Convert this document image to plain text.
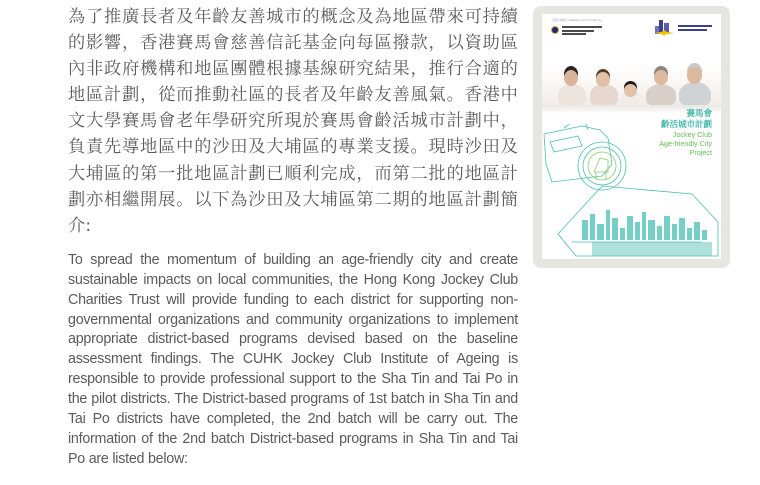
為了推廣長者及年齡友善城市的概念及為地區帶來可持續的影響，香港賽馬會慈善信託基金向每區撥款，以資助區內非政府機構和地區團體根據基線研究結果，推行合適的地區計劃，從而推動社區的長者及年齡友善風氣。香港中文大學賽馬會老年學研究所現於賽馬會齡活城市計劃中，負責先導地區中的沙田及大埔區的專業支援。現時沙田及大埔區的第一批地區計劃已順利完成，而第二批的地區計劃亦相繼開展。以下為沙田及大埔區第二期的地區計劃簡介:

To spread the momentum of building an age-friendly city and create sustainable impacts on local communities, the Hong Kong Jockey Club Charities Trust will provide funding to each district for supporting non-governmental organizations and community organizations to implement appropriate district-based programs devised based on the baseline assessment findings. The CUHK Jockey Club Institute of Ageing is responsible to provide professional support to the Sha Tin and Tai Po in the pilot districts. The District-based programs of 1st batch in Sha Tin and Tai Po districts have completed, the 2nd batch will be carry out. The information of the 2nd batch District-based programs in Sha Tin and Tai Po are listed below:

主催及捐助 Initiated and funded by
賽馬會
齡活城市計劃
Jockey Club
Age-friendly City
Project
